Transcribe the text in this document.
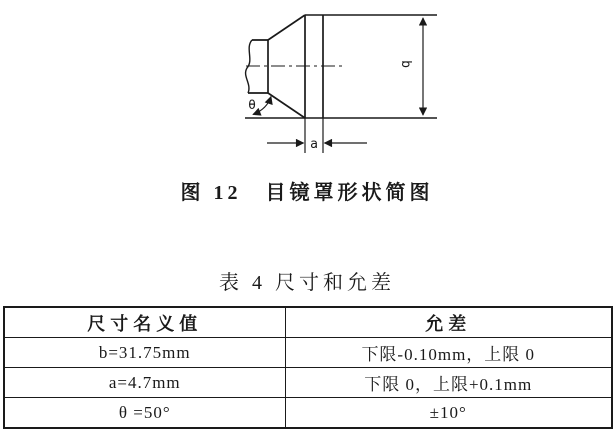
b
a
θ
图 12　目镜罩形状简图
表 4 尺寸和允差
尺寸名义值	允差
b=31.75mm	下限-0.10mm，上限 0
a=4.7mm	下限 0，上限+0.1mm
θ =50°	±10°
